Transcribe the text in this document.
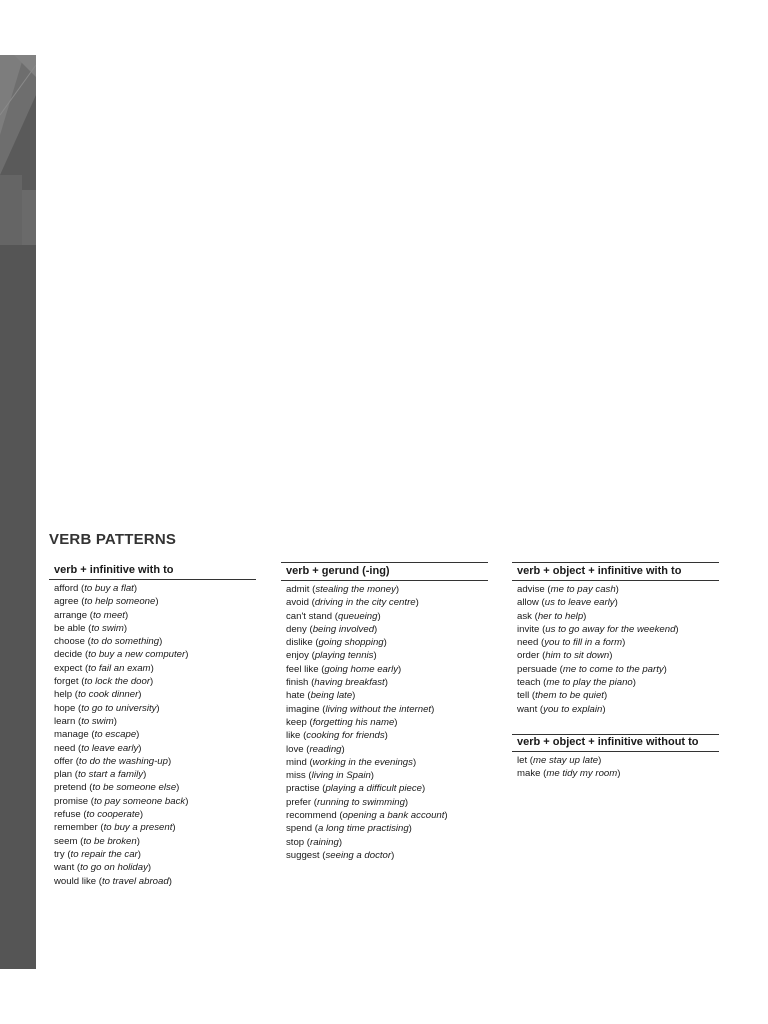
164
VERB PATTERNS
verb + infinitive with to
afford (to buy a flat)
agree (to help someone)
arrange (to meet)
be able (to swim)
choose (to do something)
decide (to buy a new computer)
expect (to fail an exam)
forget (to lock the door)
help (to cook dinner)
hope (to go to university)
learn (to swim)
manage (to escape)
need (to leave early)
offer (to do the washing-up)
plan (to start a family)
pretend (to be someone else)
promise (to pay someone back)
refuse (to cooperate)
remember (to buy a present)
seem (to be broken)
try (to repair the car)
want (to go on holiday)
would like (to travel abroad)
verb + gerund (-ing)
admit (stealing the money)
avoid (driving in the city centre)
can't stand (queueing)
deny (being involved)
dislike (going shopping)
enjoy (playing tennis)
feel like (going home early)
finish (having breakfast)
hate (being late)
imagine (living without the internet)
keep (forgetting his name)
like (cooking for friends)
love (reading)
mind (working in the evenings)
miss (living in Spain)
practise (playing a difficult piece)
prefer (running to swimming)
recommend (opening a bank account)
spend (a long time practising)
stop (raining)
suggest (seeing a doctor)
verb + object + infinitive with to
advise (me to pay cash)
allow (us to leave early)
ask (her to help)
invite (us to go away for the weekend)
need (you to fill in a form)
order (him to sit down)
persuade (me to come to the party)
teach (me to play the piano)
tell (them to be quiet)
want (you to explain)
verb + object + infinitive without to
let (me stay up late)
make (me tidy my room)
